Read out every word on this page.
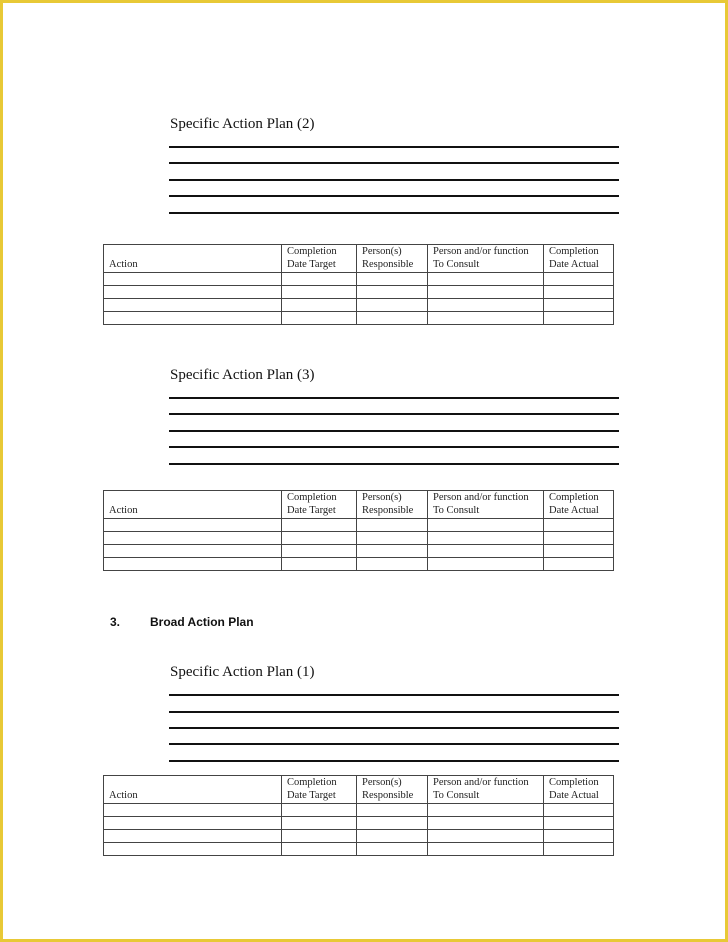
Specific Action Plan (2)
Action	Completion Date Target	Person(s) Responsible	Person and/or function To Consult	Completion Date Actual

Specific Action Plan (3)
Action	Completion Date Target	Person(s) Responsible	Person and/or function To Consult	Completion Date Actual

Specific Action Plan (1)
Action	Completion Date Target	Person(s) Responsible	Person and/or function To Consult	Completion Date Actual

3. Broad Action Plan
